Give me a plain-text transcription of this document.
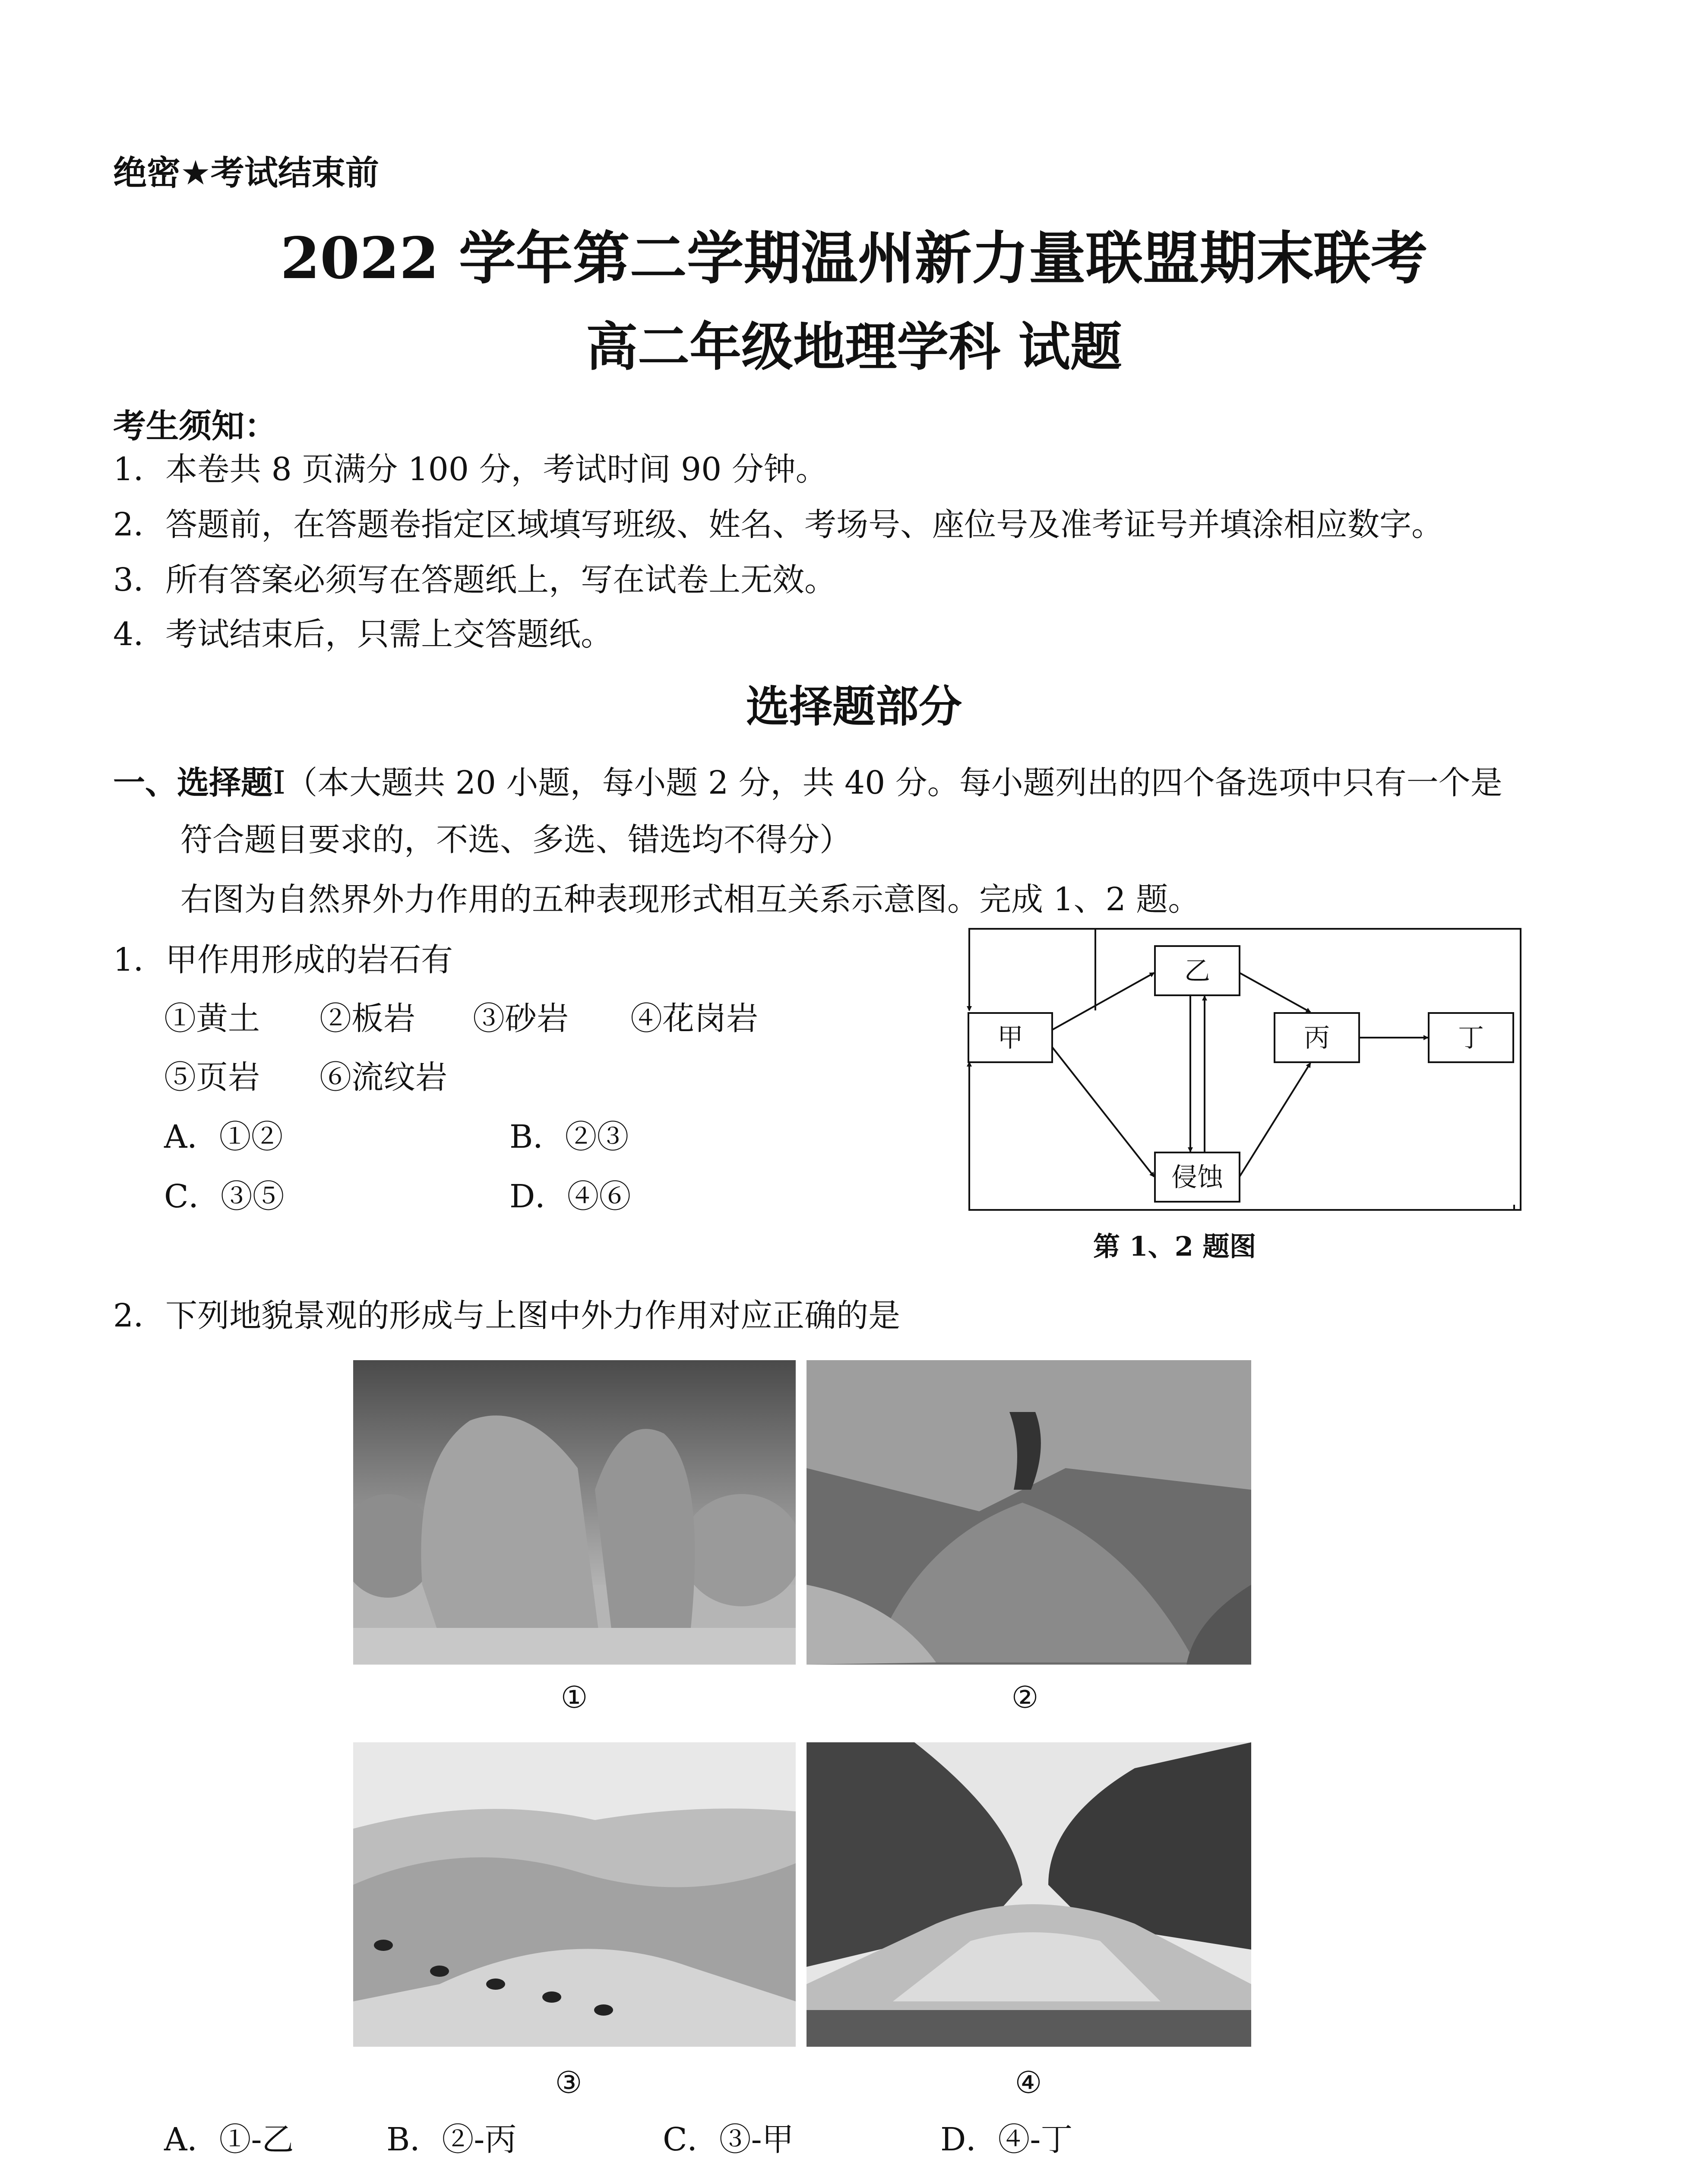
绝密★考试结束前
2022 学年第二学期温州新力量联盟期末联考
高二年级地理学科 试题
考生须知：
1．本卷共 8 页满分 100 分，考试时间 90 分钟。
2．答题前，在答题卷指定区域填写班级、姓名、考场号、座位号及准考证号并填涂相应数字。
3．所有答案必须写在答题纸上，写在试卷上无效。
4．考试结束后，只需上交答题纸。
选择题部分
一、选择题Ⅰ（本大题共 20 小题，每小题 2 分，共 40 分。每小题列出的四个备选项中只有一个是
符合题目要求的，不选、多选、错选均不得分）
右图为自然界外力作用的五种表现形式相互关系示意图。完成 1、2 题。
1．甲作用形成的岩石有
①黄土 ②板岩 ③砂岩 ④花岗岩
⑤页岩 ⑥流纹岩
A．①②	B．②③
C．③⑤	D．④⑥
甲
乙
侵蚀
丙	丁
第 1、2 题图
2．下列地貌景观的形成与上图中外力作用对应正确的是
①	②
③	④
A．①-乙	B．②-丙	C．③-甲	D．④-丁
